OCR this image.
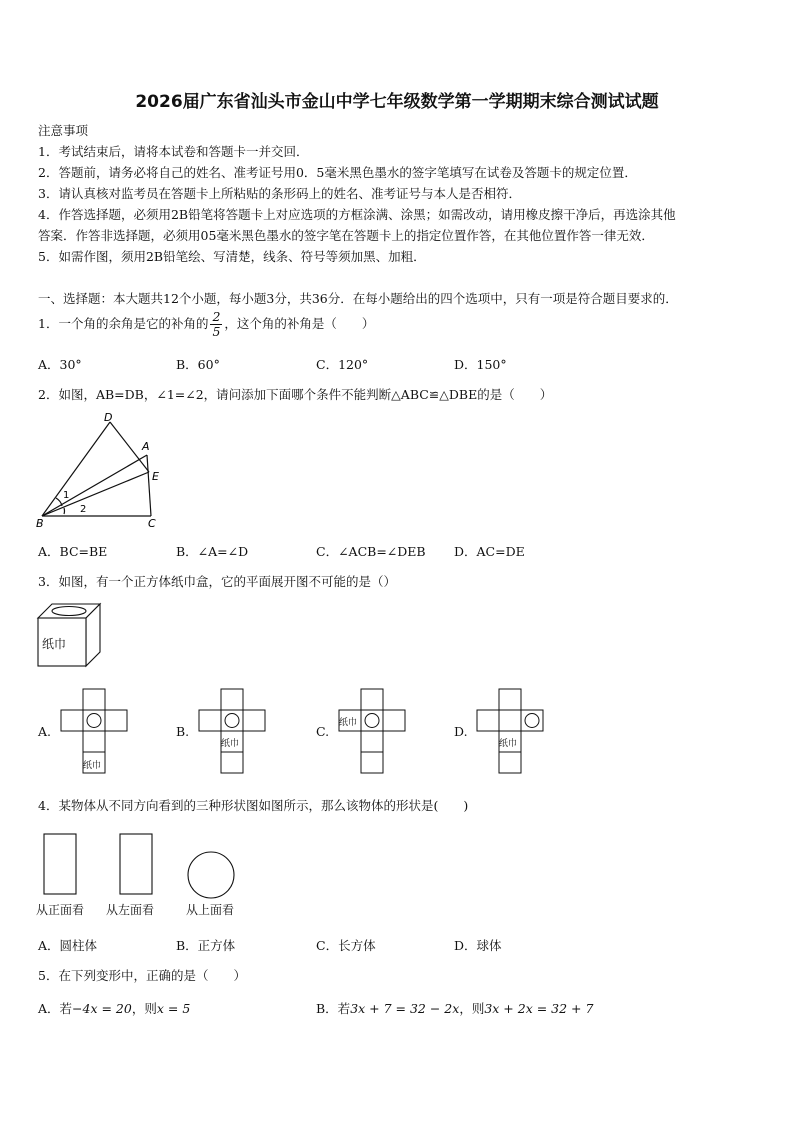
2026届广东省汕头市金山中学七年级数学第一学期期末综合测试试题
注意事项
1．考试结束后，请将本试卷和答题卡一并交回．
2．答题前，请务必将自己的姓名、准考证号用0．5毫米黑色墨水的签字笔填写在试卷及答题卡的规定位置．
3．请认真核对监考员在答题卡上所粘贴的条形码上的姓名、准考证号与本人是否相符．
4．作答选择题，必须用2B铅笔将答题卡上对应选项的方框涂满、涂黑；如需改动，请用橡皮擦干净后，再选涂其他
答案．作答非选择题，必须用05毫米黑色墨水的签字笔在答题卡上的指定位置作答，在其他位置作答一律无效．
5．如需作图，须用2B铅笔绘、写清楚，线条、符号等须加黑、加粗．
一、选择题：本大题共12个小题，每小题3分，共36分．在每小题给出的四个选项中，只有一项是符合题目要求的．
1．一个角的余角是它的补角的 $\frac{2}{5}$ ，这个角的补角是（　　）
A．30°	B．60°	C．120°	D．150°
2．如图，AB=DB，∠1=∠2，请问添加下面哪个条件不能判断△ABC≌△DBE的是（　　）
D
A
E
B	C
1
2
A．BC=BE	B．∠A=∠D	C．∠ACB=∠DEB D．AC=DE
3．如图，有一个正方体纸巾盒，它的平面展开图不可能的是（）
纸巾
A.
纸巾
B.
纸巾
C.
纸巾
D.
纸巾
4．某物体从不同方向看到的三种形状图如图所示，那么该物体的形状是(　　)
从正面看 从左面看	从上面看
A．圆柱体	B．正方体	C．长方体	D．球体
5．在下列变形中，正确的是（　　）
A．若−4x = 20，则x = 5	B．若3x + 7 = 32 − 2x，则3x + 2x = 32 + 7
